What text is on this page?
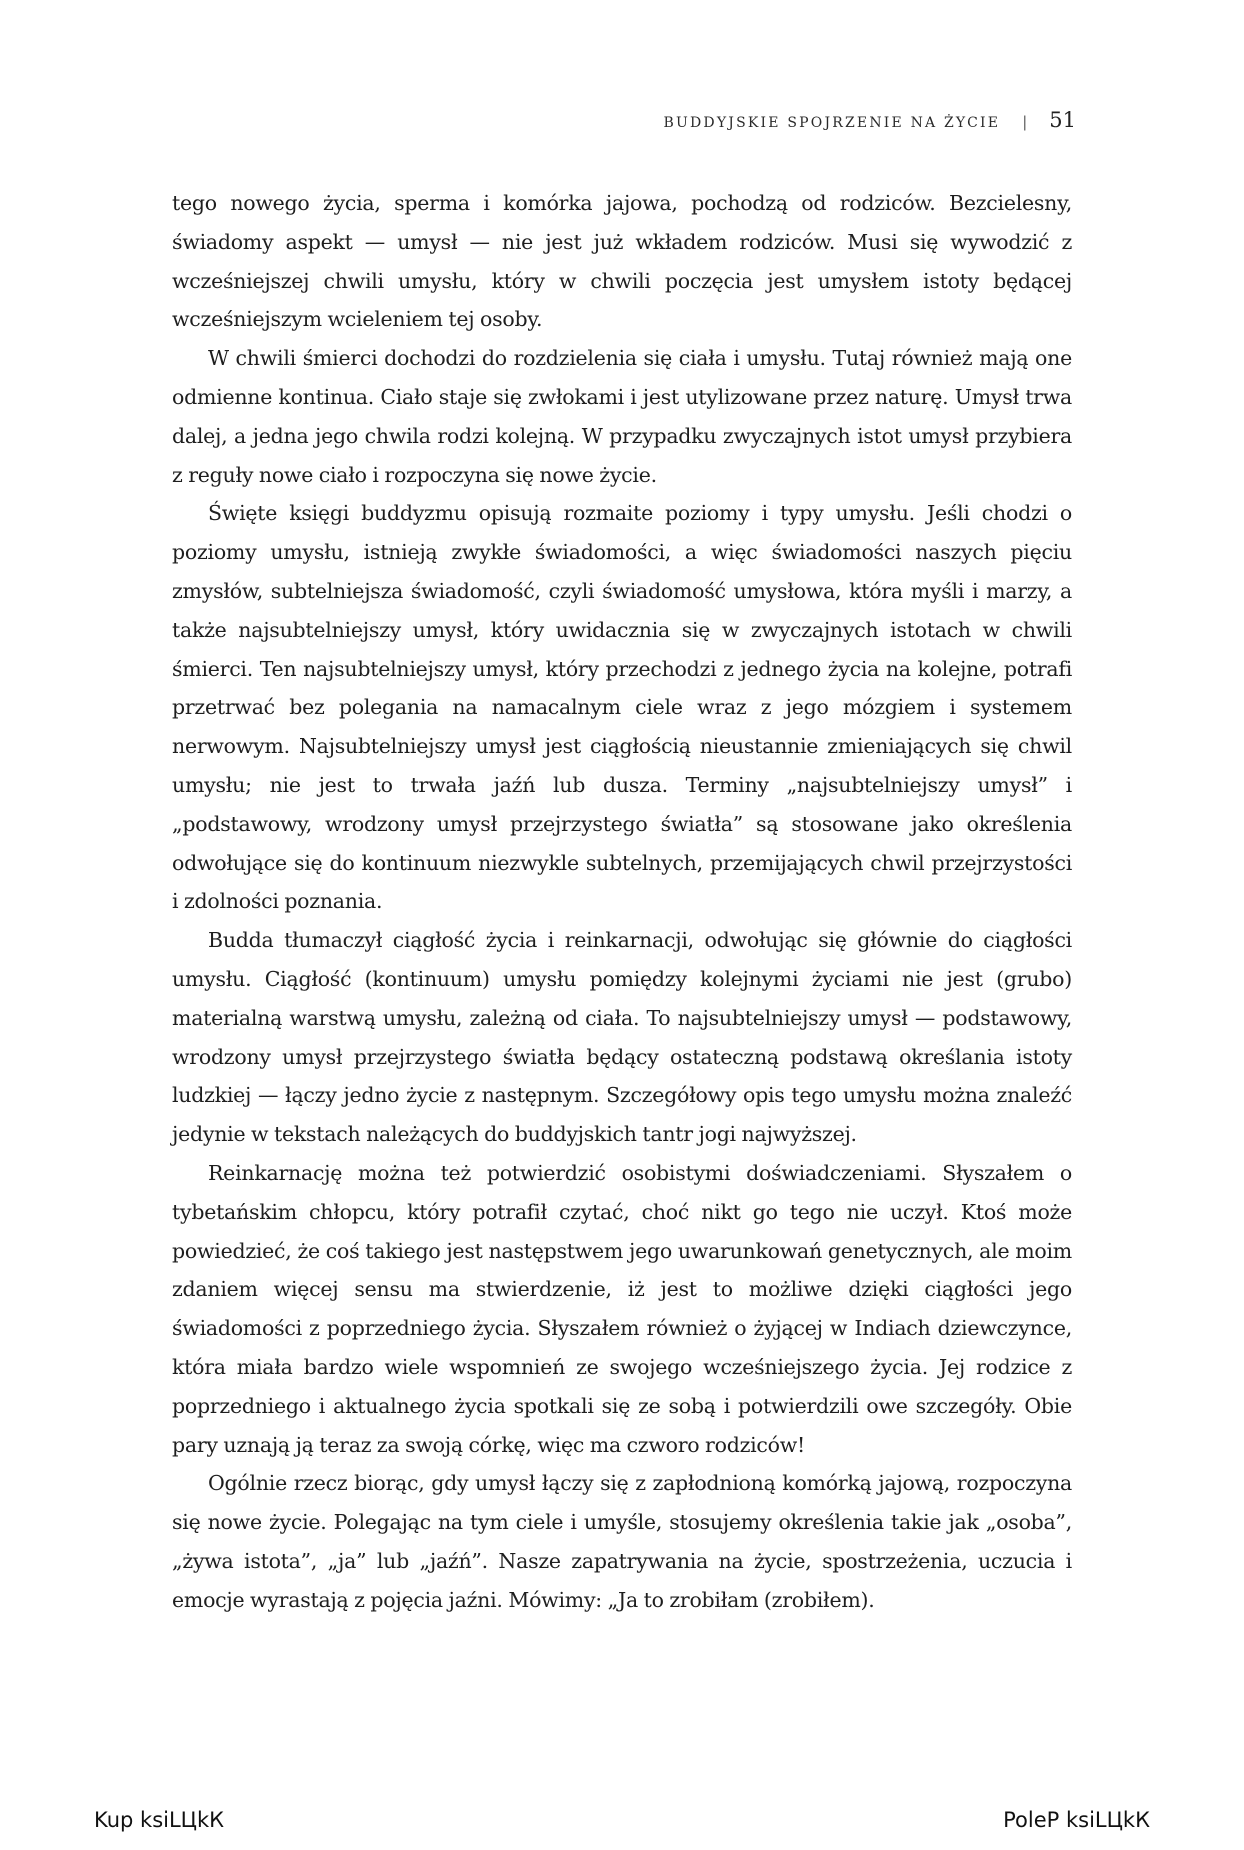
BUDDYJSKIE SPOJRZENIE NA ŻYCIE | 51

tego nowego życia, sperma i komórka jajowa, pochodzą od rodziców. Bezcielesny, świadomy aspekt — umysł — nie jest już wkładem rodziców. Musi się wywodzić z wcześniejszej chwili umysłu, który w chwili poczęcia jest umysłem istoty będącej wcześniejszym wcieleniem tej osoby.

W chwili śmierci dochodzi do rozdzielenia się ciała i umysłu. Tutaj również mają one odmienne kontinua. Ciało staje się zwłokami i jest utylizowane przez naturę. Umysł trwa dalej, a jedna jego chwila rodzi kolejną. W przypadku zwyczajnych istot umysł przybiera z reguły nowe ciało i rozpoczyna się nowe życie.

Święte księgi buddyzmu opisują rozmaite poziomy i typy umysłu. Jeśli chodzi o poziomy umysłu, istnieją zwykłe świadomości, a więc świadomości naszych pięciu zmysłów, subtelniejsza świadomość, czyli świadomość umysłowa, która myśli i marzy, a także najsubtelniejszy umysł, który uwidacznia się w zwyczajnych istotach w chwili śmierci. Ten najsubtelniejszy umysł, który przechodzi z jednego życia na kolejne, potrafi przetrwać bez polegania na namacalnym ciele wraz z jego mózgiem i systemem nerwowym. Najsubtelniejszy umysł jest ciągłością nieustannie zmieniających się chwil umysłu; nie jest to trwała jaźń lub dusza. Terminy „najsubtelniejszy umysł” i „podstawowy, wrodzony umysł przejrzystego światła” są stosowane jako określenia odwołujące się do kontinuum niezwykle subtelnych, przemijających chwil przejrzystości i zdolności poznania.

Budda tłumaczył ciągłość życia i reinkarnacji, odwołując się głównie do ciągłości umysłu. Ciągłość (kontinuum) umysłu pomiędzy kolejnymi życiami nie jest (grubo) materialną warstwą umysłu, zależną od ciała. To najsubtelniejszy umysł — podstawowy, wrodzony umysł przejrzystego światła będący ostateczną podstawą określania istoty ludzkiej — łączy jedno życie z następnym. Szczegółowy opis tego umysłu można znaleźć jedynie w tekstach należących do buddyjskich tantr jogi najwyższej.

Reinkarnację można też potwierdzić osobistymi doświadczeniami. Słyszałem o tybetańskim chłopcu, który potrafił czytać, choć nikt go tego nie uczył. Ktoś może powiedzieć, że coś takiego jest następstwem jego uwarunkowań genetycznych, ale moim zdaniem więcej sensu ma stwierdzenie, iż jest to możliwe dzięki ciągłości jego świadomości z poprzedniego życia. Słyszałem również o żyjącej w Indiach dziewczynce, która miała bardzo wiele wspomnień ze swojego wcześniejszego życia. Jej rodzice z poprzedniego i aktualnego życia spotkali się ze sobą i potwierdzili owe szczegóły. Obie pary uznają ją teraz za swoją córkę, więc ma czworo rodziców!

Ogólnie rzecz biorąc, gdy umysł łączy się z zapłodnioną komórką jajową, rozpoczyna się nowe życie. Polegając na tym ciele i umyśle, stosujemy określenia takie jak „osoba”, „żywa istota”, „ja” lub „jaźń”. Nasze zapatrywania na życie, spostrzeżenia, uczucia i emocje wyrastają z pojęcia jaźni. Mówimy: „Ja to zrobiłam (zrobiłem).

Kup ksiLЦkК	PoleР ksiLЦkК
